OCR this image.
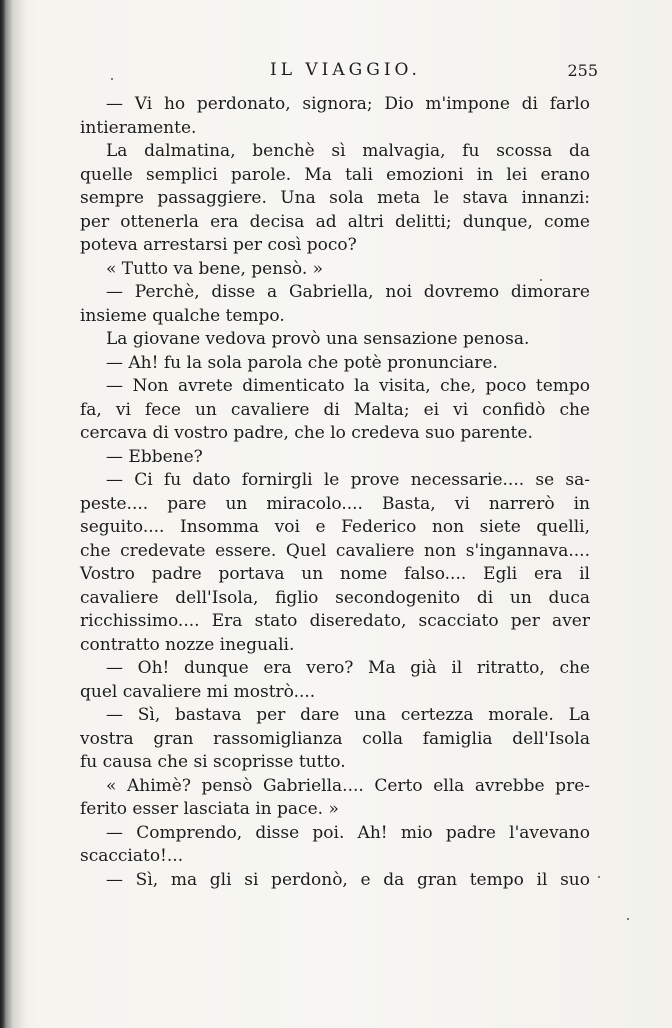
IL VIAGGIO.	255
— Vi ho perdonato, signora; Dio m'impone di farlo
intieramente.
La dalmatina, benchè sì malvagia, fu scossa da
quelle semplici parole. Ma tali emozioni in lei erano
sempre passaggiere. Una sola meta le stava innanzi:
per ottenerla era decisa ad altri delitti; dunque, come
poteva arrestarsi per così poco?
« Tutto va bene, pensò. »
— Perchè, disse a Gabriella, noi dovremo dimorare
insieme qualche tempo.
La giovane vedova provò una sensazione penosa.
— Ah! fu la sola parola che potè pronunciare.
— Non avrete dimenticato la visita, che, poco tempo
fa, vi fece un cavaliere di Malta; ei vi confidò che
cercava di vostro padre, che lo credeva suo parente.
— Ebbene?
— Ci fu dato fornirgli le prove necessarie.... se sa-
peste.... pare un miracolo.... Basta, vi narrerò in
seguito.... Insomma voi e Federico non siete quelli,
che credevate essere. Quel cavaliere non s'ingannava....
Vostro padre portava un nome falso.... Egli era il
cavaliere dell'Isola, figlio secondogenito di un duca
ricchissimo.... Era stato diseredato, scacciato per aver
contratto nozze ineguali.
— Oh! dunque era vero? Ma già il ritratto, che
quel cavaliere mi mostrò....
— Sì, bastava per dare una certezza morale. La
vostra gran rassomiglianza colla famiglia dell'Isola
fu causa che si scoprisse tutto.
« Ahimè? pensò Gabriella.... Certo ella avrebbe pre-
ferito esser lasciata in pace. »
— Comprendo, disse poi. Ah! mio padre l'avevano
scacciato!...
— Sì, ma gli si perdonò, e da gran tempo il suo
